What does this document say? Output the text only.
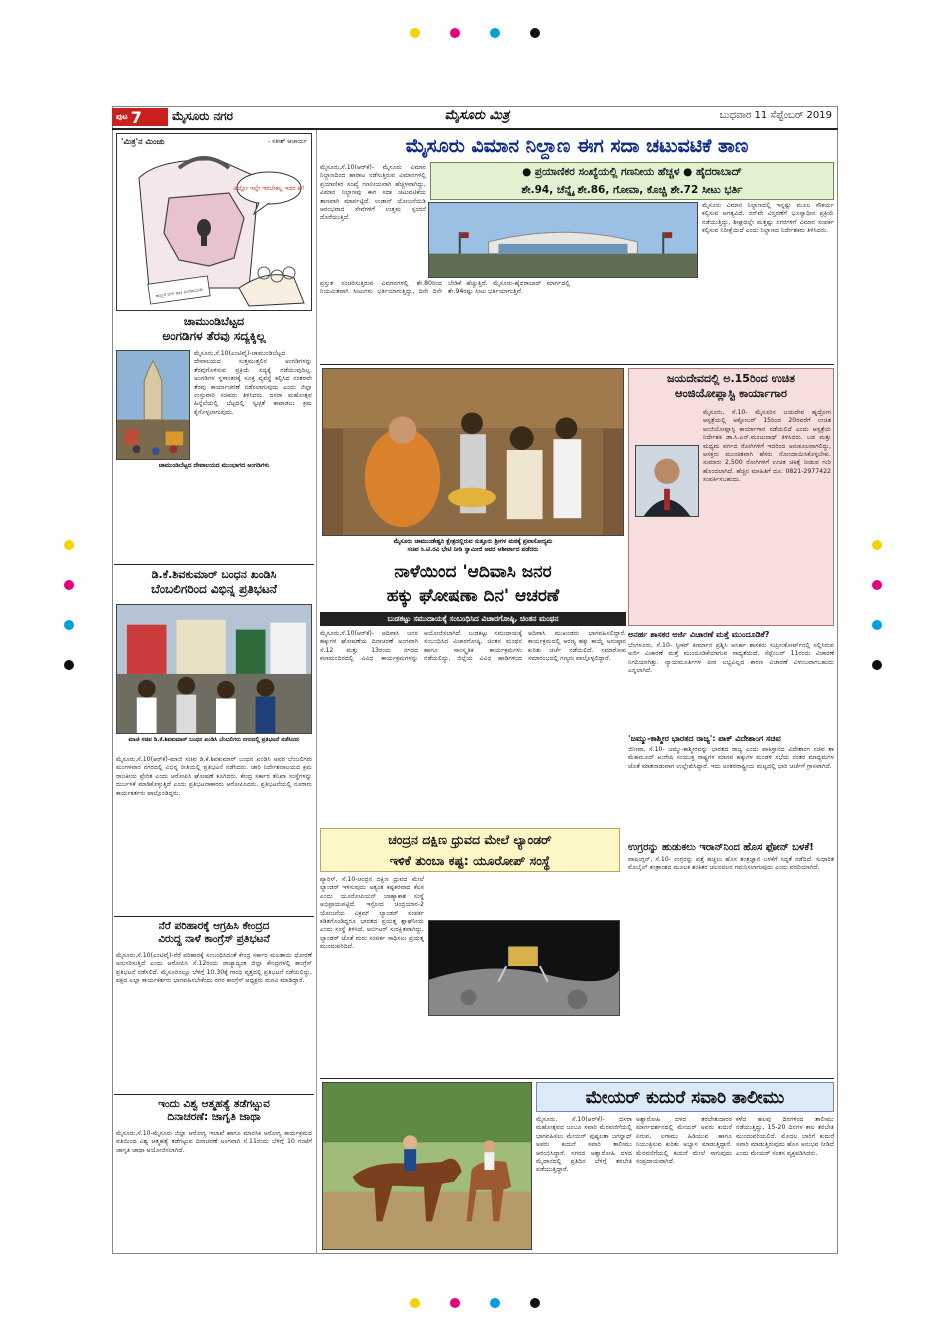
ಪುಟ 7	ಮೈಸೂರು ನಗರ	ಮೈಸೂರು ಮಿತ್ರ	ಬುಧವಾರ 11 ಸೆಪ್ಟೆಂಬರ್ 2019
'ಮಿತ್ರ'ನ ಮಿಂಚು	- ಸತೀಶ್ ಆಚಾರ್ಯ
ಎಲ್ಲೋ ಇಲ್ಲೇ ಇರಬೇಕಲ್ಲ ಇದರ ಕೀ!
ಕಾಶ್ಮೀರ ಬೀಗ ಹಾಕಿ ತಿಂಗಳಾಯಿತು
ಚಾಮುಂಡಿಬೆಟ್ಟದ
ಅಂಗಡಿಗಳ ತೆರವು ಸದ್ಯಕ್ಕಿಲ್ಲ
ಮೈಸೂರು,ಸೆ.10(ಎಂಟಿವೈ)-ಚಾಮುಂಡಿಬೆಟ್ಟದ ದೇವಾಲಯದ ಸುತ್ತಮುತ್ತಲಿನ ಅಂಗಡಿಗಳನ್ನು ತೆರವುಗೊಳಿಸುವ ಪ್ರಕ್ರಿಯೆ ಸದ್ಯಕ್ಕೆ ನಡೆಯುವುದಿಲ್ಲ. ಅಂಗಡಿಗಳ ಸ್ಥಳಾಂತರಕ್ಕೆ ಸೂಕ್ತ ವ್ಯವಸ್ಥೆ ಕಲ್ಪಿಸಿದ ನಂತರವೇ ತೆರವು ಕಾರ್ಯಾಚರಣೆ ನಡೆಸಲಾಗುವುದು ಎಂದು ಜಿಲ್ಲಾ ಉಸ್ತುವಾರಿ ಸಚಿವರು ತಿಳಿಸಿದರು. ದಸರಾ ಮಹೋತ್ಸವ ಹಿನ್ನೆಲೆಯಲ್ಲಿ ಬೆಟ್ಟದಲ್ಲಿ ಸ್ವಚ್ಛತೆ ಕಾಪಾಡಲು ಕ್ರಮ ಕೈಗೊಳ್ಳಲಾಗುವುದು.
ಚಾಮುಂಡಿಬೆಟ್ಟದ ದೇವಾಲಯದ ಮುಂಭಾಗದ ಅಂಗಡಿಗಳು
ಡಿ.ಕೆ.ಶಿವಕುಮಾರ್ ಬಂಧನ ಖಂಡಿಸಿ
ಬೆಂಬಲಿಗರಿಂದ ವಿಭಿನ್ನ ಪ್ರತಿಭಟನೆ
ಮಾಜಿ ಸಚಿವ ಡಿ.ಕೆ.ಶಿವಕುಮಾರ್ ಬಂಧನ ಖಂಡಿಸಿ ಬೆಂಬಲಿಗರು ನಗರದಲ್ಲಿ ಪ್ರತಿಭಟನೆ ನಡೆಸಿದರು
ಮೈಸೂರು,ಸೆ.10(ಆರ್‌ಕೆ)-ಮಾಜಿ ಸಚಿವ ಡಿ.ಕೆ.ಶಿವಕುಮಾರ್ ಬಂಧನ ಖಂಡಿಸಿ ಅವರ ಬೆಂಬಲಿಗರು ಮಂಗಳವಾರ ನಗರದಲ್ಲಿ ವಿಭಿನ್ನ ರೀತಿಯಲ್ಲಿ ಪ್ರತಿಭಟನೆ ನಡೆಸಿದರು. ಜಾರಿ ನಿರ್ದೇಶನಾಲಯದ ಕ್ರಮ ರಾಜಕೀಯ ಪ್ರೇರಿತ ಎಂದು ಆರೋಪಿಸಿ ಘೋಷಣೆ ಕೂಗಿದರು. ಕೇಂದ್ರ ಸರ್ಕಾರ ತನಿಖಾ ಸಂಸ್ಥೆಗಳನ್ನು ದುರ್ಬಳಕೆ ಮಾಡಿಕೊಳ್ಳುತ್ತಿದೆ ಎಂದು ಪ್ರತಿಭಟನಾಕಾರರು ಆರೋಪಿಸಿದರು. ಪ್ರತಿಭಟನೆಯಲ್ಲಿ ನೂರಾರು ಕಾರ್ಯಕರ್ತರು ಪಾಲ್ಗೊಂಡಿದ್ದರು.
ನೆರೆ ಪರಿಹಾರಕ್ಕೆ ಆಗ್ರಹಿಸಿ ಕೇಂದ್ರದ
ವಿರುದ್ಧ ನಾಳೆ ಕಾಂಗ್ರೆಸ್ ಪ್ರತಿಭಟನೆ
ಮೈಸೂರು,ಸೆ.10(ಎಂಟಿವೈ)-ನೆರೆ ಪರಿಹಾರಕ್ಕೆ ಸಂಬಂಧಿಸಿದಂತೆ ಕೇಂದ್ರ ಸರ್ಕಾರ ಮಲತಾಯಿ ಧೋರಣೆ ಅನುಸರಿಸುತ್ತಿದೆ ಎಂದು ಆರೋಪಿಸಿ ಸೆ.12ರಂದು ರಾಜ್ಯಾದ್ಯಂತ ಜಿಲ್ಲಾ ಕೇಂದ್ರಗಳಲ್ಲಿ ಕಾಂಗ್ರೆಸ್ ಪ್ರತಿಭಟನೆ ನಡೆಸಲಿದೆ. ಮೈಸೂರಿನಲ್ಲೂ ಬೆಳಿಗ್ಗೆ 10.30ಕ್ಕೆ ಗಾಂಧಿ ವೃತ್ತದಲ್ಲಿ ಪ್ರತಿಭಟನೆ ನಡೆಯಲಿದ್ದು, ಪಕ್ಷದ ಎಲ್ಲಾ ಕಾರ್ಯಕರ್ತರು ಭಾಗವಹಿಸಬೇಕೆಂದು ನಗರ ಕಾಂಗ್ರೆಸ್ ಅಧ್ಯಕ್ಷರು ಮನವಿ ಮಾಡಿದ್ದಾರೆ.
ಇಂದು ವಿಶ್ವ ಆತ್ಮಹತ್ಯೆ ತಡೆಗಟ್ಟುವ
ದಿನಾಚರಣೆ: ಜಾಗೃತಿ ಜಾಥಾ
ಮೈಸೂರು,ಸೆ.10-ಮೈಸೂರು ಜಿಲ್ಲಾ ಆರೋಗ್ಯ ಇಲಾಖೆ ಹಾಗೂ ಮಾನಸಿಕ ಆರೋಗ್ಯ ಕಾರ್ಯಕ್ರಮದ ವತಿಯಿಂದ ವಿಶ್ವ ಆತ್ಮಹತ್ಯೆ ತಡೆಗಟ್ಟುವ ದಿನಾಚರಣೆ ಅಂಗವಾಗಿ ಸೆ.11ರಂದು ಬೆಳಿಗ್ಗೆ 10 ಗಂಟೆಗೆ ಜಾಗೃತಿ ಜಾಥಾ ಆಯೋಜಿಸಲಾಗಿದೆ.
ಮೈಸೂರು ವಿಮಾನ ನಿಲ್ದಾಣ ಈಗ ಸದಾ ಚಟುವಟಿಕೆ ತಾಣ
● ಪ್ರಯಾಣಿಕರ ಸಂಖ್ಯೆಯಲ್ಲಿ ಗಣನೀಯ ಹೆಚ್ಚಳ ● ಹೈದರಾಬಾದ್
ಶೇ.94, ಚೆನ್ನೈ ಶೇ.86, ಗೋವಾ, ಕೊಚ್ಚಿ ಶೇ.72 ಸೀಟು ಭರ್ತಿ
ಮೈಸೂರು,ಸೆ.10(ಆರ್‌ಕೆ)- ಮೈಸೂರು ವಿಮಾನ ನಿಲ್ದಾಣದಿಂದ ಹಾರಾಟ ನಡೆಸುತ್ತಿರುವ ವಿಮಾನಗಳಲ್ಲಿ ಪ್ರಯಾಣಿಕರ ಸಂಖ್ಯೆ ಗಣನೀಯವಾಗಿ ಹೆಚ್ಚಳವಾಗಿದ್ದು, ವಿಮಾನ ನಿಲ್ದಾಣವು ಈಗ ಸದಾ ಚಟುವಟಿಕೆಯ ತಾಣವಾಗಿ ಮಾರ್ಪಟ್ಟಿದೆ. ಉಡಾನ್ ಯೋಜನೆಯಡಿ ಆರಂಭವಾದ ಸೇವೆಗಳಿಗೆ ಉತ್ತಮ ಸ್ಪಂದನೆ ದೊರೆಯುತ್ತಿದೆ.
ಮೈಸೂರು ವಿಮಾನ ನಿಲ್ದಾಣದಲ್ಲಿ ಇನ್ನಷ್ಟು ಮೂಲ ಸೌಕರ್ಯ ಕಲ್ಪಿಸುವ ಅಗತ್ಯವಿದೆ. ರನ್‌ವೇ ವಿಸ್ತರಣೆಗೆ ಭೂಸ್ವಾಧೀನ ಪ್ರಕ್ರಿಯೆ ನಡೆಯುತ್ತಿದ್ದು, ಶೀಘ್ರದಲ್ಲೇ ಮತ್ತಷ್ಟು ನಗರಗಳಿಗೆ ವಿಮಾನ ಸಂಪರ್ಕ ಕಲ್ಪಿಸುವ ನಿರೀಕ್ಷೆಯಿದೆ ಎಂದು ನಿಲ್ದಾಣದ ನಿರ್ದೇಶಕರು ತಿಳಿಸಿದರು.
ಪ್ರಸ್ತುತ ಸಂಚರಿಸುತ್ತಿರುವ ವಿಮಾನಗಳಲ್ಲಿ ಶೇ.80ರಿಂದ ನಿಯಮಿತವಾಗಿ ಸೀಟುಗಳು ಭರ್ತಿಯಾಗುತ್ತಿದ್ದು, ದಿನೇ ದಿನೇ ಬೇಡಿಕೆ ಹೆಚ್ಚುತ್ತಿದೆ. ಮೈಸೂರು-ಹೈದರಾಬಾದ್ ಮಾರ್ಗದಲ್ಲಿ ಶೇ.94ರಷ್ಟು ಸೀಟು ಭರ್ತಿಯಾಗುತ್ತಿವೆ.
ಮೈಸೂರು ಚಾಮುಂಡೇಶ್ವರಿ ಕ್ಷೇತ್ರದಲ್ಲಿರುವ ಸುತ್ತೂರು ಶ್ರೀಗಳ ಮಠಕ್ಕೆ ಪ್ರವಾಸೋದ್ಯಮ
ಸಚಿವ ಸಿ.ಟಿ.ರವಿ ಭೇಟಿ ನೀಡಿ ಸ್ವಾಮೀಜಿ ಅವರ ಆಶೀರ್ವಾದ ಪಡೆದರು
ಜಯದೇವದಲ್ಲಿ ಅ.15ರಿಂದ ಉಚಿತ
ಆಂಜಿಯೋಪ್ಲಾಸ್ಟಿ ಕಾರ್ಯಾಗಾರ
ಮೈಸೂರು, ಸೆ.10- ಮೈಸೂರಿನ ಜಯದೇವ ಹೃದ್ರೋಗ ಆಸ್ಪತ್ರೆಯಲ್ಲಿ ಅಕ್ಟೋಬರ್ 15ರಿಂದ 20ರವರೆಗೆ ಉಚಿತ ಆಂಜಿಯೋಪ್ಲಾಸ್ಟಿ ಕಾರ್ಯಾಗಾರ ನಡೆಯಲಿದೆ ಎಂದು ಆಸ್ಪತ್ರೆಯ ನಿರ್ದೇಶಕ ಡಾ.ಸಿ.ಎನ್.ಮಂಜುನಾಥ್ ತಿಳಿಸಿದರು. ಬಡ ಮತ್ತು ಮಧ್ಯಮ ವರ್ಗದ ರೋಗಿಗಳಿಗೆ ಇದರಿಂದ ಅನುಕೂಲವಾಗಲಿದ್ದು, ಆಸಕ್ತರು ಮುಂಚಿತವಾಗಿ ಹೆಸರು ನೋಂದಾಯಿಸಿಕೊಳ್ಳಬೇಕು. ಸುಮಾರು 2,500 ರೋಗಿಗಳಿಗೆ ಉಚಿತ ಚಿಕಿತ್ಸೆ ನೀಡುವ ಗುರಿ ಹೊಂದಲಾಗಿದೆ. ಹೆಚ್ಚಿನ ಮಾಹಿತಿಗೆ ದೂ: 0821-2977422 ಸಂಪರ್ಕಿಸಬಹುದು.
ನಾಳೆಯಿಂದ 'ಆದಿವಾಸಿ ಜನರ
ಹಕ್ಕು ಘೋಷಣಾ ದಿನ' ಆಚರಣೆ
ಬುಡಕಟ್ಟು ಸಮುದಾಯಕ್ಕೆ ಸಂಬಂಧಿಸಿದ ವಿಚಾರಗೋಷ್ಠಿ, ಚಿಂತನ ಮಂಥನ
ಮೈಸೂರು,ಸೆ.10(ಆರ್‌ಕೆ)- ಆದಿವಾಸಿ ಜನರ ಹಕ್ಕುಗಳ ಘೋಷಣೆಯ ದಿನಾಚರಣೆ ಅಂಗವಾಗಿ ಸೆ.12 ಮತ್ತು 13ರಂದು ನಗರದ ಕಲಾಮಂದಿರದಲ್ಲಿ ವಿವಿಧ ಕಾರ್ಯಕ್ರಮಗಳನ್ನು ಆಯೋಜಿಸಲಾಗಿದೆ. ಬುಡಕಟ್ಟು ಸಮುದಾಯಕ್ಕೆ ಸಂಬಂಧಿಸಿದ ವಿಚಾರಗೋಷ್ಠಿ, ಚಿಂತನ ಮಂಥನ ಹಾಗೂ ಸಾಂಸ್ಕೃತಿಕ ಕಾರ್ಯಕ್ರಮಗಳು ನಡೆಯಲಿದ್ದು, ಜಿಲ್ಲೆಯ ವಿವಿಧ ಹಾಡಿಗಳಿಂದ ಆದಿವಾಸಿ ಮುಖಂಡರು ಭಾಗವಹಿಸಲಿದ್ದಾರೆ. ಕಾರ್ಯಕ್ರಮದಲ್ಲಿ ಅರಣ್ಯ ಹಕ್ಕು ಕಾಯ್ದೆ ಅನುಷ್ಠಾನ ಕುರಿತು ಚರ್ಚೆ ನಡೆಯಲಿದೆ. ಸಮಾರೋಪ ಸಮಾರಂಭದಲ್ಲಿ ಗಣ್ಯರು ಪಾಲ್ಗೊಳ್ಳಲಿದ್ದಾರೆ.
ಅನರ್ಹ ಶಾಸಕರ ಅರ್ಜಿ ವಿಚಾರಣೆ ಮತ್ತೆ ಮುಂದೂಡಿಕೆ?
ಬೆಂಗಳೂರು, ಸೆ.10- ಸ್ಪೀಕರ್ ತೀರ್ಮಾನ ಪ್ರಶ್ನಿಸಿ ಅನರ್ಹ ಶಾಸಕರು ಸುಪ್ರೀಂಕೋರ್ಟ್‌ನಲ್ಲಿ ಸಲ್ಲಿಸಿರುವ ಅರ್ಜಿ ವಿಚಾರಣೆ ಮತ್ತೆ ಮುಂದೂಡಿಕೆಯಾಗುವ ಸಾಧ್ಯತೆಯಿದೆ. ಸೆಪ್ಟೆಂಬರ್ 11ರಂದು ವಿಚಾರಣೆ ನಿಗದಿಯಾಗಿತ್ತು. ನ್ಯಾಯಮೂರ್ತಿಗಳ ಪೀಠ ಲಭ್ಯವಿಲ್ಲದ ಕಾರಣ ವಿಚಾರಣೆ ವಿಳಂಬವಾಗಬಹುದು ಎನ್ನಲಾಗಿದೆ.
'ಜಮ್ಮು-ಕಾಶ್ಮೀರ ಭಾರತದ ರಾಜ್ಯ': ಪಾಕ್ ವಿದೇಶಾಂಗ ಸಚಿವ
ಜಿನೀವಾ, ಸೆ.10- ಜಮ್ಮು-ಕಾಶ್ಮೀರವನ್ನು ಭಾರತದ ರಾಜ್ಯ ಎಂದು ಪಾಕಿಸ್ತಾನದ ವಿದೇಶಾಂಗ ಸಚಿವ ಶಾ ಮೆಹಮೂದ್ ಖುರೇಷಿ ಸಂಯುಕ್ತ ರಾಷ್ಟ್ರಗಳ ಮಾನವ ಹಕ್ಕುಗಳ ಮಂಡಳಿ ಸಭೆಯ ನಂತರ ಮಾಧ್ಯಮಗಳ ಜೊತೆ ಮಾತನಾಡುವಾಗ ಉಲ್ಲೇಖಿಸಿದ್ದಾರೆ. ಇದು ಅಂತರರಾಷ್ಟ್ರೀಯ ಮಟ್ಟದಲ್ಲಿ ಭಾರಿ ಚರ್ಚೆಗೆ ಗ್ರಾಸವಾಗಿದೆ.
ಚಂದ್ರನ ದಕ್ಷಿಣ ಧ್ರುವದ ಮೇಲೆ ಲ್ಯಾಂಡರ್
ಇಳಿಕೆ ತುಂಬಾ ಕಷ್ಟ: ಯೂರೋಪ್ ಸಂಸ್ಥೆ
ಪ್ಯಾರಿಸ್, ಸೆ.10-ಚಂದ್ರನ ದಕ್ಷಿಣ ಧ್ರುವದ ಮೇಲೆ ಲ್ಯಾಂಡರ್ ಇಳಿಸುವುದು ಅತ್ಯಂತ ಕಷ್ಟಕರವಾದ ಕೆಲಸ ಎಂದು ಯೂರೋಪಿಯನ್ ಬಾಹ್ಯಾಕಾಶ ಸಂಸ್ಥೆ ಅಭಿಪ್ರಾಯಪಟ್ಟಿದೆ. ಇಸ್ರೋದ ಚಂದ್ರಯಾನ-2 ಯೋಜನೆಯ ವಿಕ್ರಮ್ ಲ್ಯಾಂಡರ್ ಸಂಪರ್ಕ ಕಡಿತಗೊಂಡಿದ್ದರೂ ಭಾರತದ ಪ್ರಯತ್ನ ಶ್ಲಾಘನೀಯ ಎಂದು ಸಂಸ್ಥೆ ತಿಳಿಸಿದೆ. ಆರ್ಬಿಟರ್ ಸುರಕ್ಷಿತವಾಗಿದ್ದು, ಲ್ಯಾಂಡರ್ ಜೊತೆ ಮರು ಸಂಪರ್ಕ ಸಾಧಿಸಲು ಪ್ರಯತ್ನ ಮುಂದುವರಿದಿದೆ.
ಉಗ್ರರನ್ನು ಹುಡುಕಲು ಇರಾನ್‌ನಿಂದ ಹೊಸ ಫೋನ್ ಬಳಕೆ!
ವಾಷಿಂಗ್ಟನ್, ಸೆ.10- ಉಗ್ರರನ್ನು ಪತ್ತೆ ಹಚ್ಚಲು ಹೊಸ ತಂತ್ರಜ್ಞಾನ ಬಳಕೆಗೆ ಸಿದ್ಧತೆ ನಡೆದಿದೆ. ಸುಧಾರಿತ ಮೊಬೈಲ್ ತಂತ್ರಾಂಶದ ಮೂಲಕ ಶಂಕಿತರ ಚಲನವಲನ ಗಮನಿಸಲಾಗುವುದು ಎಂದು ವರದಿಯಾಗಿದೆ.
ಮೇಯರ್ ಕುದುರೆ ಸವಾರಿ ತಾಲೀಮು
ಮೈಸೂರು, ಸೆ.10(ಆರ್‌ಕೆ)- ದಸರಾ ಮಹೋತ್ಸವದ ಜಂಬೂ ಸವಾರಿ ಮೆರವಣಿಗೆಯಲ್ಲಿ ಭಾಗವಹಿಸಲು ಮೇಯರ್ ಪುಷ್ಪಲತಾ ಜಗನ್ನಾಥ್ ಅವರು ಕುದುರೆ ಸವಾರಿ ತಾಲೀಮು ಆರಂಭಿಸಿದ್ದಾರೆ. ನಗರದ ಅಶ್ವಾರೋಹಿ ದಳದ ಮೈದಾನದಲ್ಲಿ ಪ್ರತಿದಿನ ಬೆಳಿಗ್ಗೆ ತರಬೇತಿ ಪಡೆಯುತ್ತಿದ್ದಾರೆ.
ಅಶ್ವಾರೋಹಿ ದಳದ ತರಬೇತುದಾರರ ಮಾರ್ಗದರ್ಶನದಲ್ಲಿ ಮೇಯರ್ ಅವರು ಕುದುರೆ ಏರುವ, ಲಗಾಮು ಹಿಡಿಯುವ ಹಾಗೂ ನಿಯಂತ್ರಿಸುವ ಕುರಿತು ಅಭ್ಯಾಸ ಮಾಡುತ್ತಿದ್ದಾರೆ. ಮೆರವಣಿಗೆಯಲ್ಲಿ ಕುದುರೆ ಮೇಲೆ ಸಾಗುವುದು ಸಂಪ್ರದಾಯವಾಗಿದೆ.
ಕಳೆದ ಹಲವು ದಿನಗಳಿಂದ ತಾಲೀಮು ನಡೆಯುತ್ತಿದ್ದು, 15-20 ದಿನಗಳ ಕಾಲ ತರಬೇತಿ ಮುಂದುವರಿಯಲಿದೆ. ಮೊದಲ ಬಾರಿಗೆ ಕುದುರೆ ಸವಾರಿ ಮಾಡುತ್ತಿರುವುದು ಹೊಸ ಅನುಭವ ನೀಡಿದೆ ಎಂದು ಮೇಯರ್ ಸಂತಸ ವ್ಯಕ್ತಪಡಿಸಿದರು.
